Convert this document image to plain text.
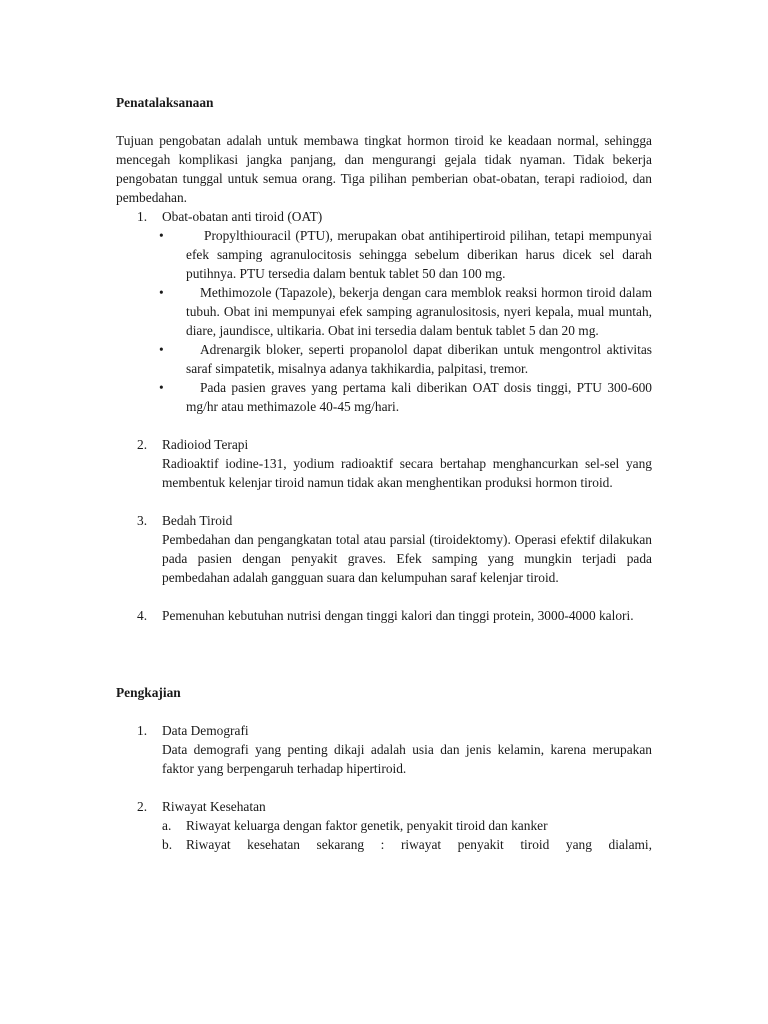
Penatalaksanaan

Tujuan pengobatan adalah untuk membawa tingkat hormon tiroid ke keadaan normal, sehingga mencegah komplikasi jangka panjang, dan mengurangi gejala tidak nyaman. Tidak bekerja pengobatan tunggal untuk semua orang. Tiga pilihan pemberian obat-obatan, terapi radioiod, dan pembedahan.

1. Obat-obatan anti tiroid (OAT)

•	Propylthiouracil (PTU), merupakan obat antihipertiroid pilihan, tetapi mempunyai efek samping agranulocitosis sehingga sebelum diberikan harus dicek sel darah putihnya. PTU tersedia dalam bentuk tablet 50 dan 100 mg.
•	Methimozole (Tapazole), bekerja dengan cara memblok reaksi hormon tiroid dalam tubuh. Obat ini mempunyai efek samping agranulositosis, nyeri kepala, mual muntah, diare, jaundisce, ultikaria. Obat ini tersedia dalam bentuk tablet 5 dan 20 mg.
•	Adrenargik bloker, seperti propanolol dapat diberikan untuk mengontrol aktivitas saraf simpatetik, misalnya adanya takhikardia, palpitasi, tremor.
•	Pada pasien graves yang pertama kali diberikan OAT dosis tinggi, PTU 300-600 mg/hr atau methimazole 40-45 mg/hari.
2. Radioiod Terapi

Radioaktif iodine-131, yodium radioaktif secara bertahap menghancurkan sel-sel yang membentuk kelenjar tiroid namun tidak akan menghentikan produksi hormon tiroid.

3. Bedah Tiroid

Pembedahan dan pengangkatan total atau parsial (tiroidektomy). Operasi efektif dilakukan pada pasien dengan penyakit graves. Efek samping yang mungkin terjadi pada pembedahan adalah gangguan suara dan kelumpuhan saraf kelenjar tiroid.

4. Pemenuhan kebutuhan nutrisi dengan tinggi kalori dan tinggi protein, 3000-4000 kalori.

Pengkajian

1. Data Demografi

Data demografi yang penting dikaji adalah usia dan jenis kelamin, karena merupakan faktor yang berpengaruh terhadap hipertiroid.

2. Riwayat Kesehatan

a. Riwayat keluarga dengan faktor genetik, penyakit tiroid dan kanker
b. Riwayat kesehatan sekarang : riwayat penyakit tiroid yang dialami,
